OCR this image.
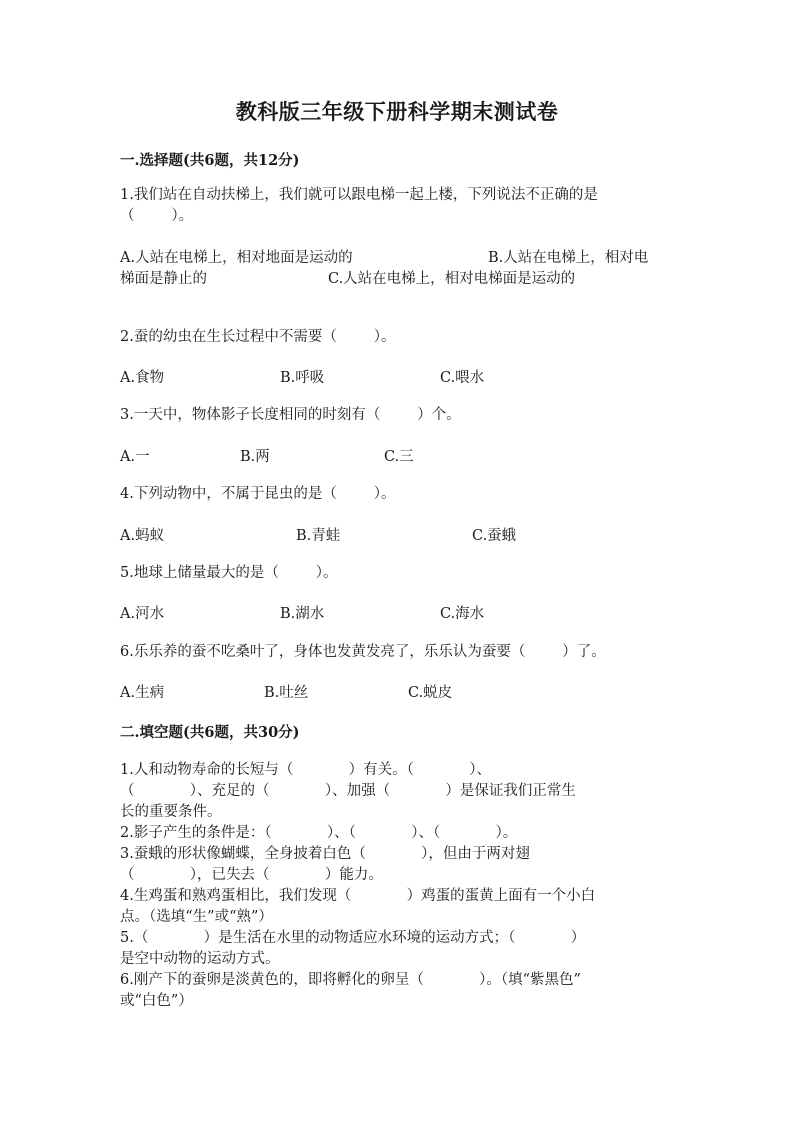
教科版三年级下册科学期末测试卷
一.选择题(共6题，共12分)
1.我们站在自动扶梯上，我们就可以跟电梯一起上楼，下列说法不正确的是
（        ）。
A.人站在电梯上，相对地面是运动的	B.人站在电梯上，相对电
梯面是静止的	C.人站在电梯上，相对电梯面是运动的
2.蚕的幼虫在生长过程中不需要（        ）。
A.食物	B.呼吸	C.喂水
3.一天中，物体影子长度相同的时刻有（        ）个。
A.一	B.两	C.三
4.下列动物中，不属于昆虫的是（        ）。
A.蚂蚁	B.青蛙	C.蚕蛾
5.地球上储量最大的是（        ）。
A.河水	B.湖水	C.海水
6.乐乐养的蚕不吃桑叶了，身体也发黄发亮了，乐乐认为蚕要（        ）了。
A.生病	B.吐丝	C.蜕皮
二.填空题(共6题，共30分)
1.人和动物寿命的长短与（            ）有关。（            ）、
（            ）、充足的（            ）、加强（            ）是保证我们正常生
长的重要条件。
2.影子产生的条件是：（            ）、（            ）、（            ）。
3.蚕蛾的形状像蝴蝶，全身披着白色（            ），但由于两对翅
（            ），已失去（            ）能力。
4.生鸡蛋和熟鸡蛋相比，我们发现（            ）鸡蛋的蛋黄上面有一个小白
点。（选填“生”或“熟”）
5.（            ）是生活在水里的动物适应水环境的运动方式；（            ）
是空中动物的运动方式。
6.刚产下的蚕卵是淡黄色的，即将孵化的卵呈（            ）。（填“紫黑色”
或“白色”）
